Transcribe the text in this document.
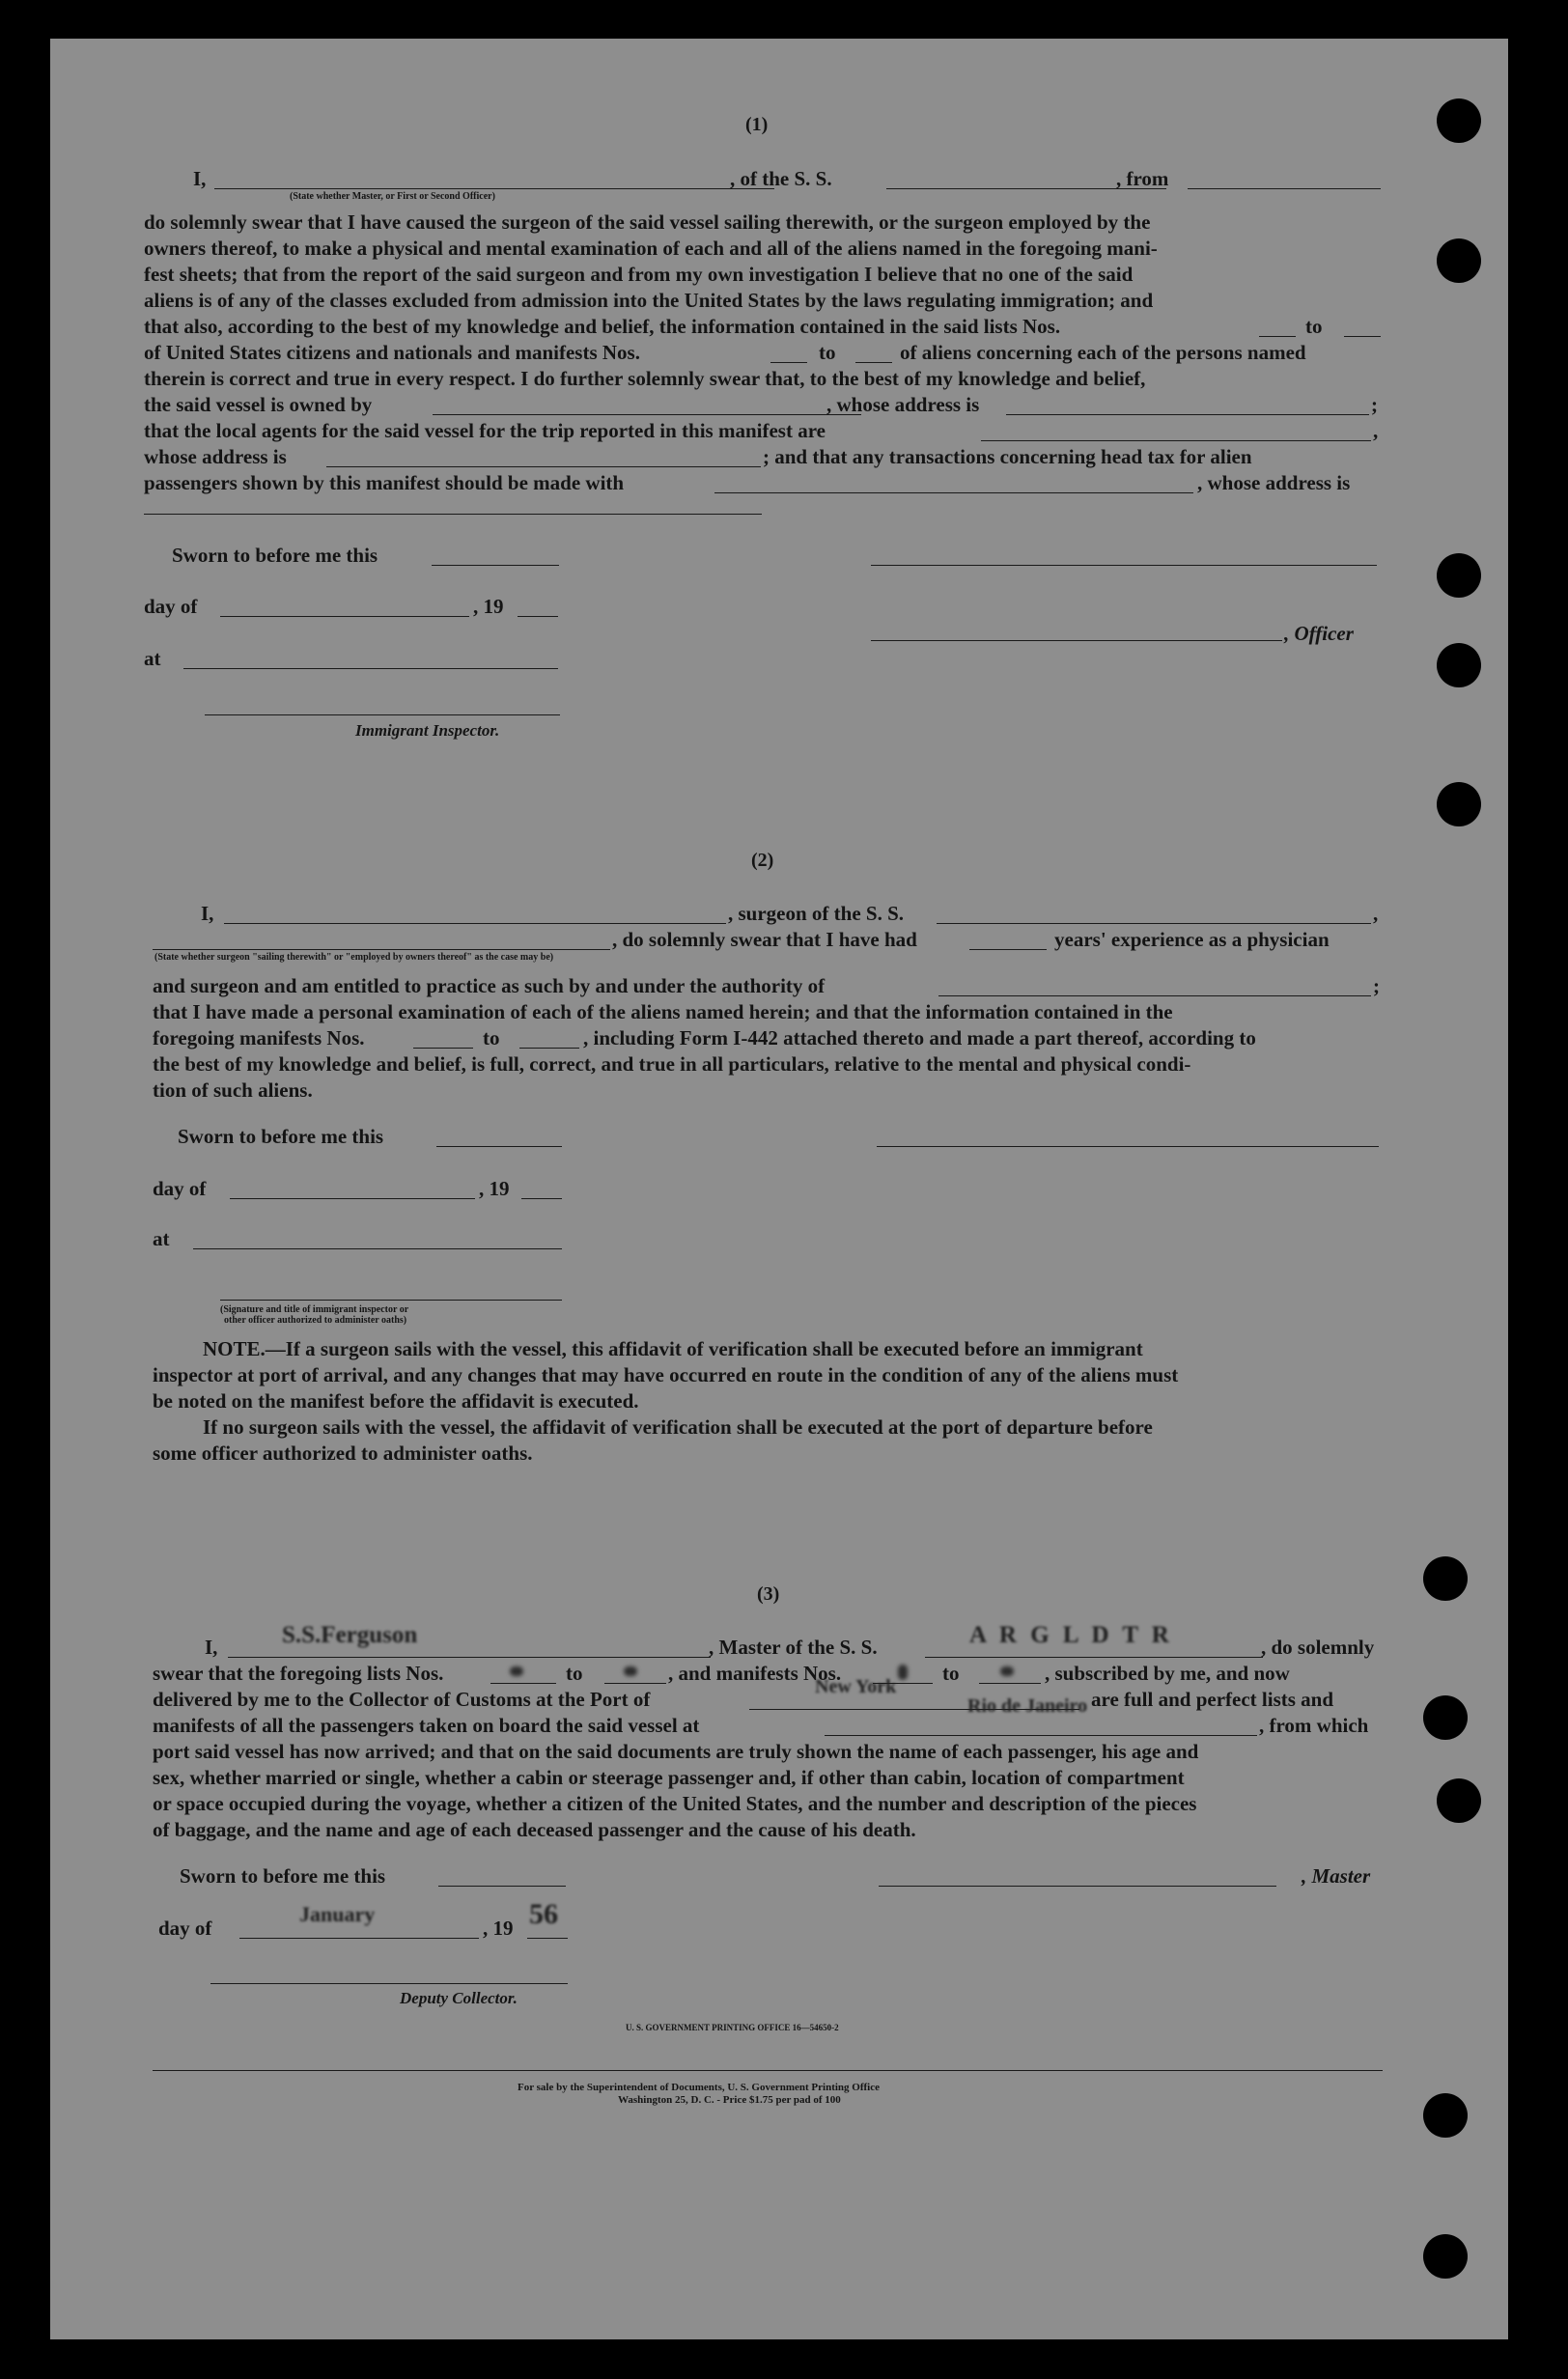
(1)
I,	, of the S. S.	, from
(State whether Master, or First or Second Officer)
do solemnly swear that I have caused the surgeon of the said vessel sailing therewith, or the surgeon employed by the
owners thereof, to make a physical and mental examination of each and all of the aliens named in the foregoing mani-
fest sheets; that from the report of the said surgeon and from my own investigation I believe that no one of the said
aliens is of any of the classes excluded from admission into the United States by the laws regulating immigration; and
that also, according to the best of my knowledge and belief, the information contained in the said lists Nos.	to
of United States citizens and nationals and manifests Nos.	to	of aliens concerning each of the persons named
therein is correct and true in every respect. I do further solemnly swear that, to the best of my knowledge and belief,
the said vessel is owned by	, whose address is	;
that the local agents for the said vessel for the trip reported in this manifest are	,
whose address is	; and that any transactions concerning head tax for alien
passengers shown by this manifest should be made with	, whose address is
Sworn to before me this
day of	, 19
, Officer
at
Immigrant Inspector.
(2)
I,	, surgeon of the S. S.	,
, do solemnly swear that I have had	years' experience as a physician
(State whether surgeon "sailing therewith" or "employed by owners thereof" as the case may be)
and surgeon and am entitled to practice as such by and under the authority of	;
that I have made a personal examination of each of the aliens named herein; and that the information contained in the
foregoing manifests Nos.	to	, including Form I-442 attached thereto and made a part thereof, according to
the best of my knowledge and belief, is full, correct, and true in all particulars, relative to the mental and physical condi-
tion of such aliens.
Sworn to before me this
day of	, 19
at
(Signature and title of immigrant inspector or
other officer authorized to administer oaths)
NOTE.—If a surgeon sails with the vessel, this affidavit of verification shall be executed before an immigrant
inspector at port of arrival, and any changes that may have occurred en route in the condition of any of the aliens must
be noted on the manifest before the affidavit is executed.
If no surgeon sails with the vessel, the affidavit of verification shall be executed at the port of departure before
some officer authorized to administer oaths.
(3)
I,	S.S.Ferguson	, Master of the S. S.	A R G L D T R	, do solemnly
swear that the foregoing lists Nos.	to	, and manifests Nos.	to	, subscribed by me, and now
delivered by me to the Collector of Customs at the Port of
New York
are full and perfect lists and
manifests of all the passengers taken on board the said vessel at
Rio de Janeiro
, from which
port said vessel has now arrived; and that on the said documents are truly shown the name of each passenger, his age and
sex, whether married or single, whether a cabin or steerage passenger and, if other than cabin, location of compartment
or space occupied during the voyage, whether a citizen of the United States, and the number and description of the pieces
of baggage, and the name and age of each deceased passenger and the cause of his death.
Sworn to before me this	, Master
day of
January
, 19 56
Deputy Collector.
U. S. GOVERNMENT PRINTING OFFICE 16—54650-2
For sale by the Superintendent of Documents, U. S. Government Printing Office
Washington 25, D. C. - Price $1.75 per pad of 100
